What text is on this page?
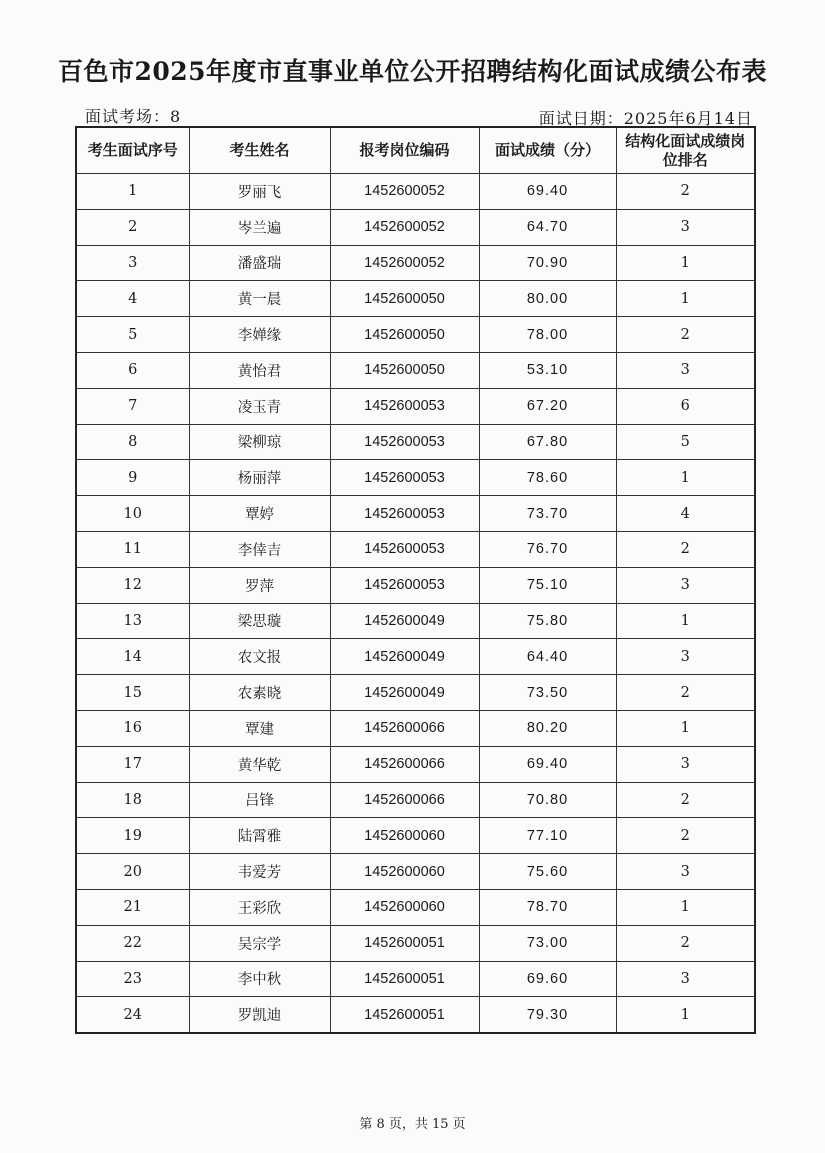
百色市2025年度市直事业单位公开招聘结构化面试成绩公布表
面试考场：8	面试日期：2025年6月14日
考生面试序号	考生姓名	报考岗位编码	面试成绩（分）	结构化面试成绩岗位排名
1	罗丽飞	1452600052	69.40	2
2	岑兰遍	1452600052	64.70	3
3	潘盛瑞	1452600052	70.90	1
4	黄一晨	1452600050	80.00	1
5	李婵缘	1452600050	78.00	2
6	黄怡君	1452600050	53.10	3
7	凌玉青	1452600053	67.20	6
8	梁柳琼	1452600053	67.80	5
9	杨丽萍	1452600053	78.60	1
10	覃婷	1452600053	73.70	4
11	李倖吉	1452600053	76.70	2
12	罗萍	1452600053	75.10	3
13	梁思璇	1452600049	75.80	1
14	农文报	1452600049	64.40	3
15	农素晓	1452600049	73.50	2
16	覃建	1452600066	80.20	1
17	黄华乾	1452600066	69.40	3
18	吕锋	1452600066	70.80	2
19	陆霄雅	1452600060	77.10	2
20	韦爱芳	1452600060	75.60	3
21	王彩欣	1452600060	78.70	1
22	吴宗学	1452600051	73.00	2
23	李中秋	1452600051	69.60	3
24	罗凯迪	1452600051	79.30	1
第 8 页，共 15 页
